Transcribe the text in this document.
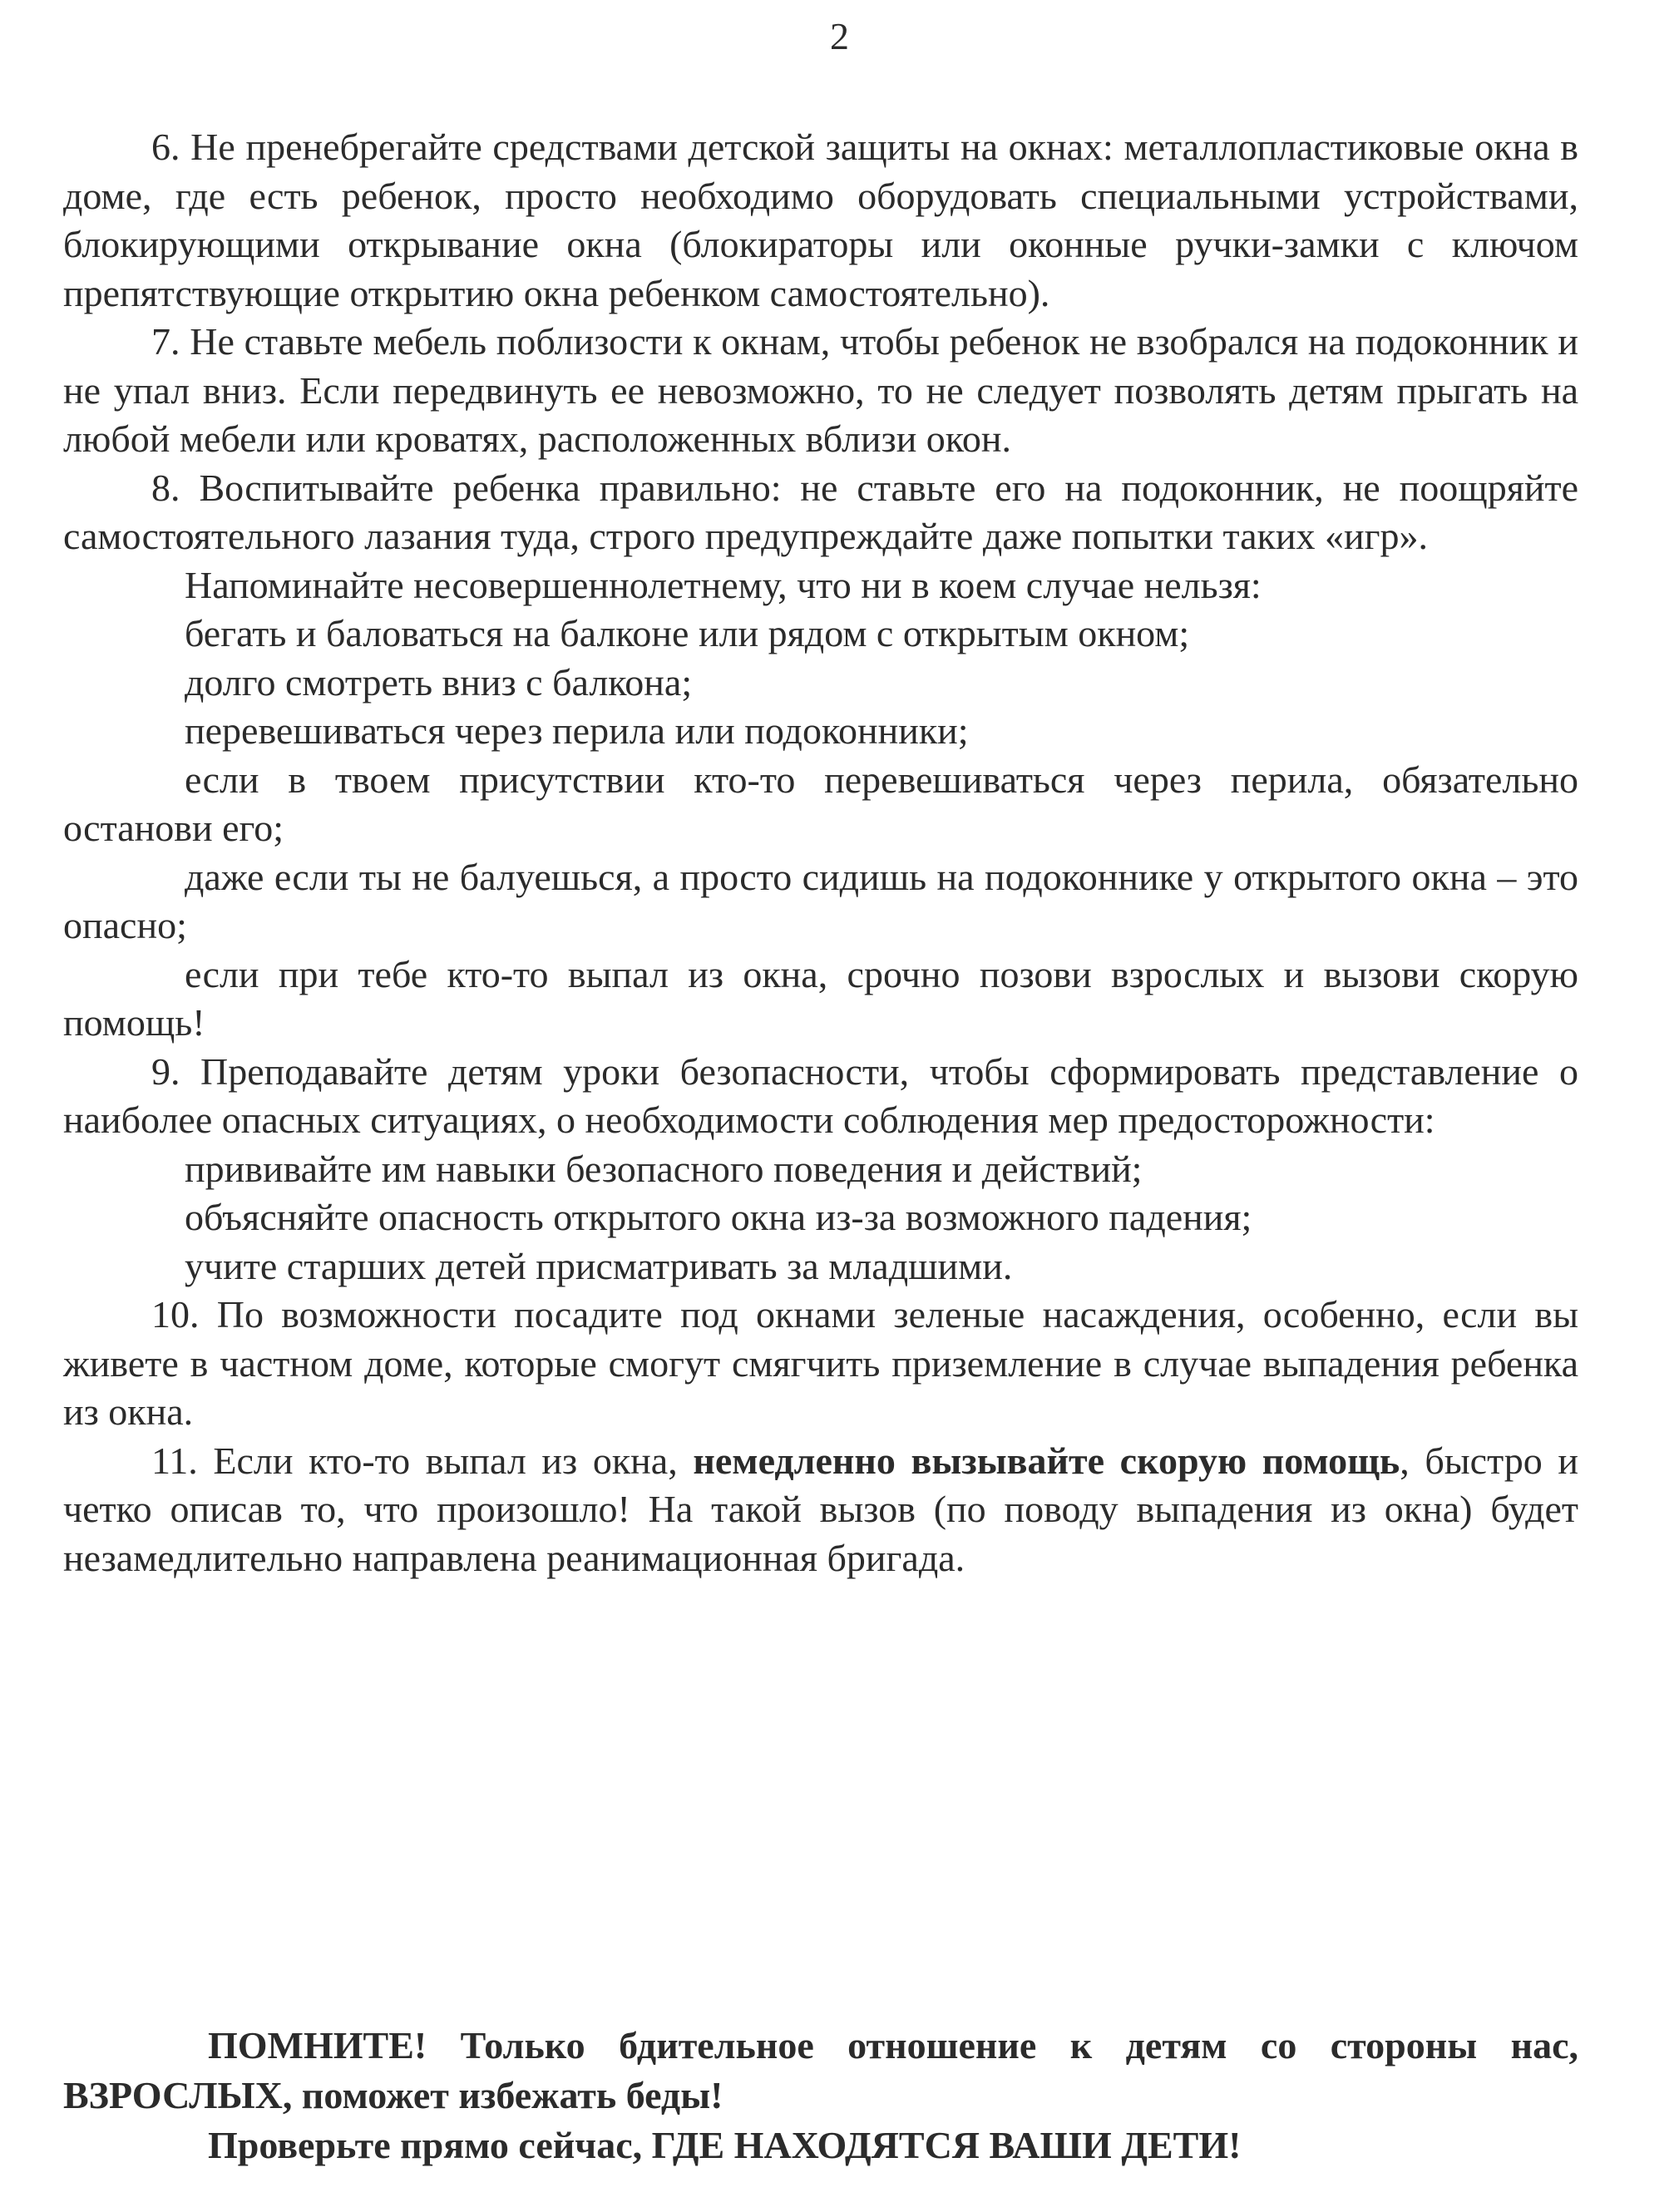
2

6. Не пренебрегайте средствами детской защиты на окнах: металлопластиковые окна в доме, где есть ребенок, просто необходимо оборудовать специальными устройствами, блокирующими открывание окна (блокираторы или оконные ручки-замки с ключом препятствующие открытию окна ребенком самостоятельно).

7. Не ставьте мебель поблизости к окнам, чтобы ребенок не взобрался на подоконник и не упал вниз. Если передвинуть ее невозможно, то не следует позволять детям прыгать на любой мебели или кроватях, расположенных вблизи окон.

8. Воспитывайте ребенка правильно: не ставьте его на подоконник, не поощряйте самостоятельного лазания туда, строго предупреждайте даже попытки таких «игр».

Напоминайте несовершеннолетнему, что ни в коем случае нельзя:

бегать и баловаться на балконе или рядом с открытым окном;

долго смотреть вниз с балкона;

перевешиваться через перила или подоконники;

если в твоем присутствии кто-то перевешиваться через перила, обязательно останови его;

даже если ты не балуешься, а просто сидишь на подоконнике у открытого окна – это опасно;

если при тебе кто-то выпал из окна, срочно позови взрослых и вызови скорую помощь!

9. Преподавайте детям уроки безопасности, чтобы сформировать представление о наиболее опасных ситуациях, о необходимости соблюдения мер предосторожности:

прививайте им навыки безопасного поведения и действий;

объясняйте опасность открытого окна из-за возможного падения;

учите старших детей присматривать за младшими.

10. По возможности посадите под окнами зеленые насаждения, особенно, если вы живете в частном доме, которые смогут смягчить приземление в случае выпадения ребенка из окна.

11. Если кто-то выпал из окна, немедленно вызывайте скорую помощь, быстро и четко описав то, что произошло! На такой вызов (по поводу выпадения из окна) будет незамедлительно направлена реанимационная бригада.

ПОМНИТЕ! Только бдительное отношение к детям со стороны нас, ВЗРОСЛЫХ, поможет избежать беды!

Проверьте прямо сейчас, ГДЕ НАХОДЯТСЯ ВАШИ ДЕТИ!
